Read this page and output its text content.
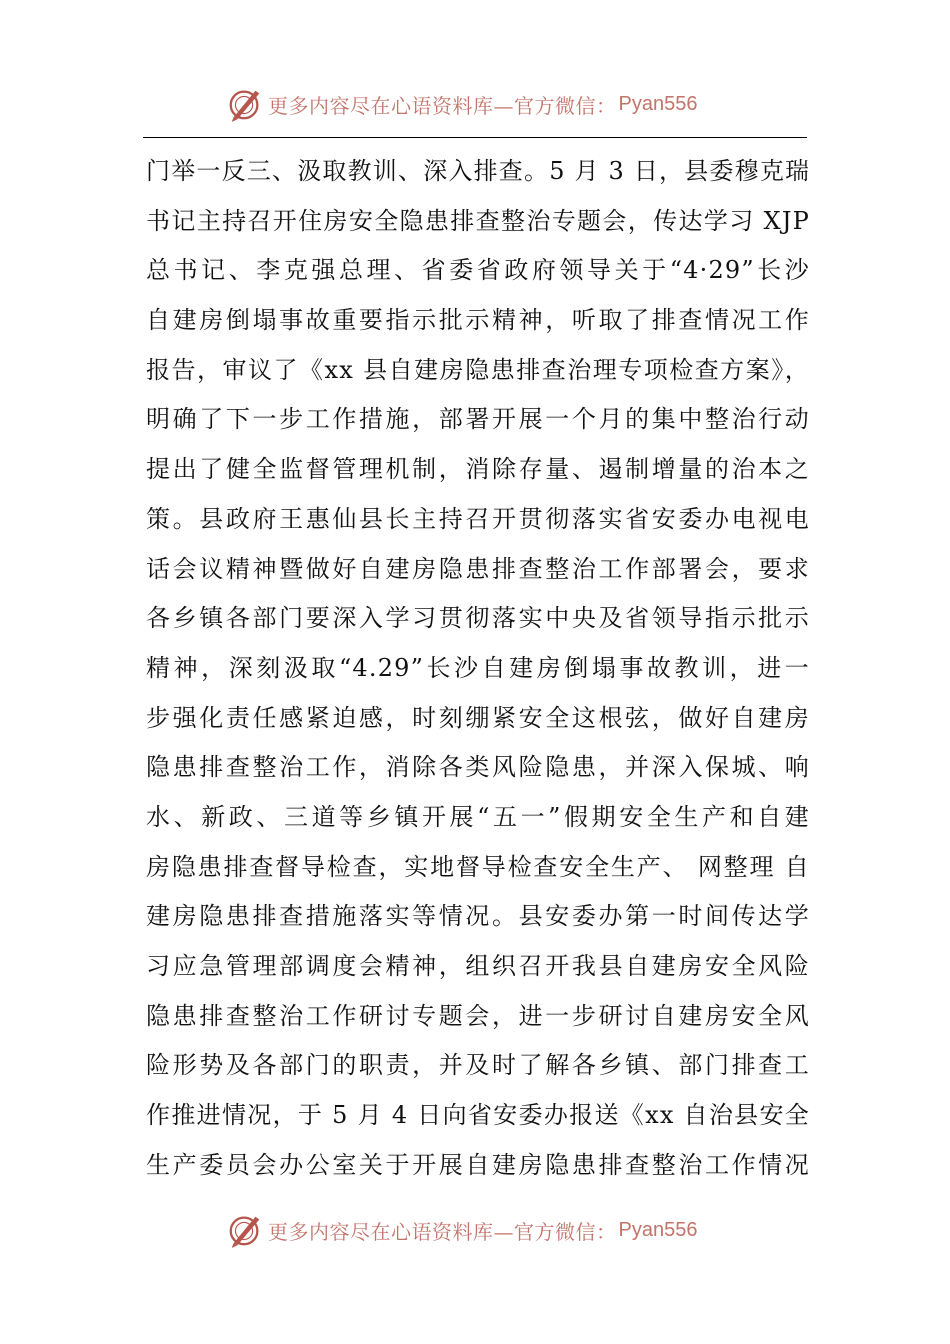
更多内容尽在心语资料库—官方微信： Pyan556
门举一反三、汲取教训、深入排查。5 月 3 日，县委穆克瑞
书记主持召开住房安全隐患排查整治专题会，传达学习 XJP
总书记、李克强总理、省委省政府领导关于“4·29”长沙
自建房倒塌事故重要指示批示精神，听取了排查情况工作
报告，审议了《xx 县自建房隐患排查治理专项检查方案》，
明确了下一步工作措施，部署开展一个月的集中整治行动
提出了健全监督管理机制，消除存量、遏制增量的治本之
策。县政府王惠仙县长主持召开贯彻落实省安委办电视电
话会议精神暨做好自建房隐患排查整治工作部署会，要求
各乡镇各部门要深入学习贯彻落实中央及省领导指示批示
精神，深刻汲取“4.29”长沙自建房倒塌事故教训，进一
步强化责任感紧迫感，时刻绷紧安全这根弦，做好自建房
隐患排查整治工作，消除各类风险隐患，并深入保城、响
水、新政、三道等乡镇开展“五一”假期安全生产和自建
房隐患排查督导检查，实地督导检查安全生产、 网整理 自
建房隐患排查措施落实等情况。县安委办第一时间传达学
习应急管理部调度会精神，组织召开我县自建房安全风险
隐患排查整治工作研讨专题会，进一步研讨自建房安全风
险形势及各部门的职责，并及时了解各乡镇、部门排查工
作推进情况，于 5 月 4 日向省安委办报送《xx 自治县安全
生产委员会办公室关于开展自建房隐患排查整治工作情况
更多内容尽在心语资料库—官方微信： Pyan556
